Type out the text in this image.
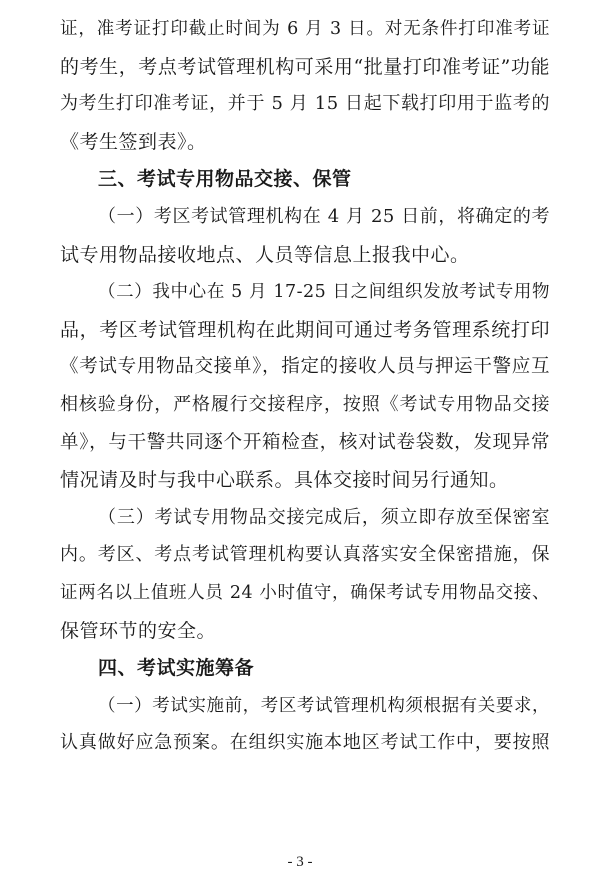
证，准考证打印截止时间为 6 月 3 日。对无条件打印准考证
的考生，考点考试管理机构可采用“批量打印准考证”功能
为考生打印准考证，并于 5 月 15 日起下载打印用于监考的
《考生签到表》。
三、考试专用物品交接、保管
（一）考区考试管理机构在 4 月 25 日前，将确定的考
试专用物品接收地点、人员等信息上报我中心。
（二）我中心在 5 月 17-25 日之间组织发放考试专用物
品，考区考试管理机构在此期间可通过考务管理系统打印
《考试专用物品交接单》，指定的接收人员与押运干警应互
相核验身份，严格履行交接程序，按照《考试专用物品交接
单》，与干警共同逐个开箱检查，核对试卷袋数，发现异常
情况请及时与我中心联系。具体交接时间另行通知。
（三）考试专用物品交接完成后，须立即存放至保密室
内。考区、考点考试管理机构要认真落实安全保密措施，保
证两名以上值班人员 24 小时值守，确保考试专用物品交接、
保管环节的安全。
四、考试实施筹备
（一）考试实施前，考区考试管理机构须根据有关要求，
认真做好应急预案。在组织实施本地区考试工作中，要按照
- 3 -
